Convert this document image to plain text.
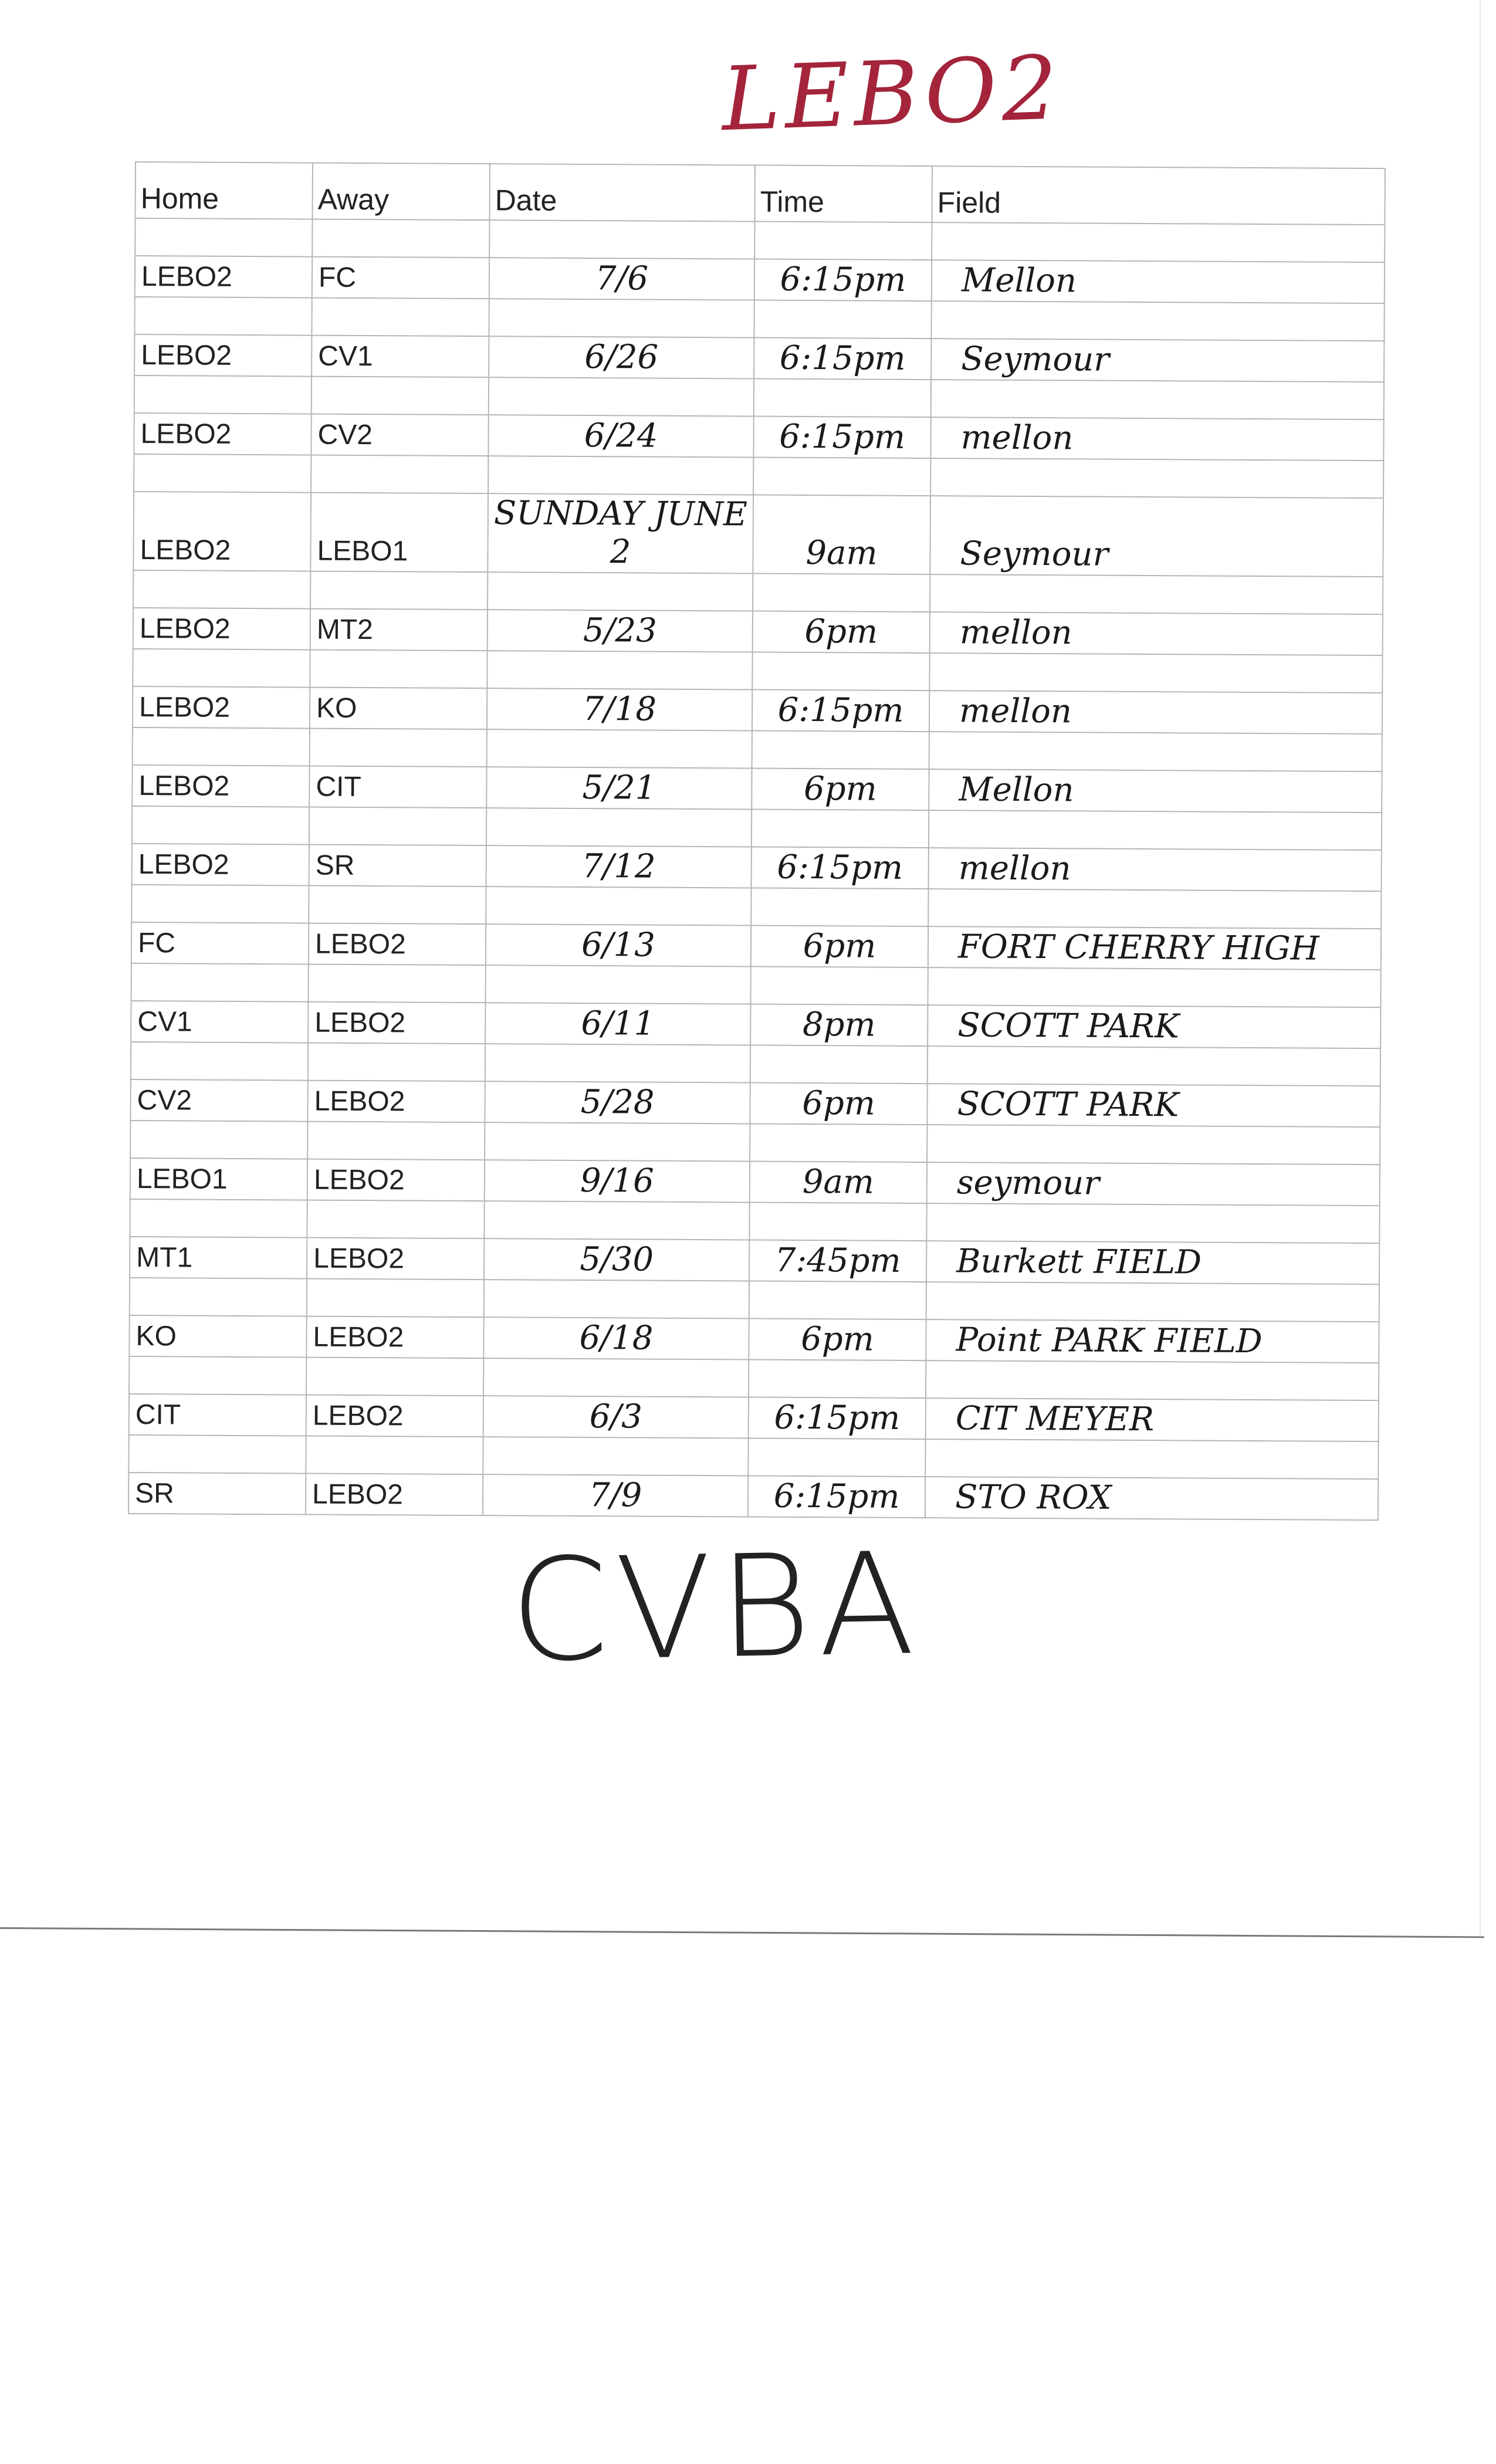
LEBO2
Home	Away	Date	Time	Field

LEBO2	FC	7/6	6:15pm	Mellon

LEBO2	CV1	6/26	6:15pm	Seymour

LEBO2	CV2	6/24	6:15pm	mellon

LEBO2	LEBO1	SUNDAY JUNE 2	9am	Seymour

LEBO2	MT2	5/23	6pm	mellon

LEBO2	KO	7/18	6:15pm	mellon

LEBO2	CIT	5/21	6pm	Mellon

LEBO2	SR	7/12	6:15pm	mellon

FC	LEBO2	6/13	6pm	FORT CHERRY HIGH

CV1	LEBO2	6/11	8pm	SCOTT PARK

CV2	LEBO2	5/28	6pm	SCOTT PARK

LEBO1	LEBO2	9/16	9am	seymour

MT1	LEBO2	5/30	7:45pm	Burkett FIELD

KO	LEBO2	6/18	6pm	Point PARK FIELD

CIT	LEBO2	6/3	6:15pm	CIT MEYER

SR	LEBO2	7/9	6:15pm	STO ROX
CVBA
